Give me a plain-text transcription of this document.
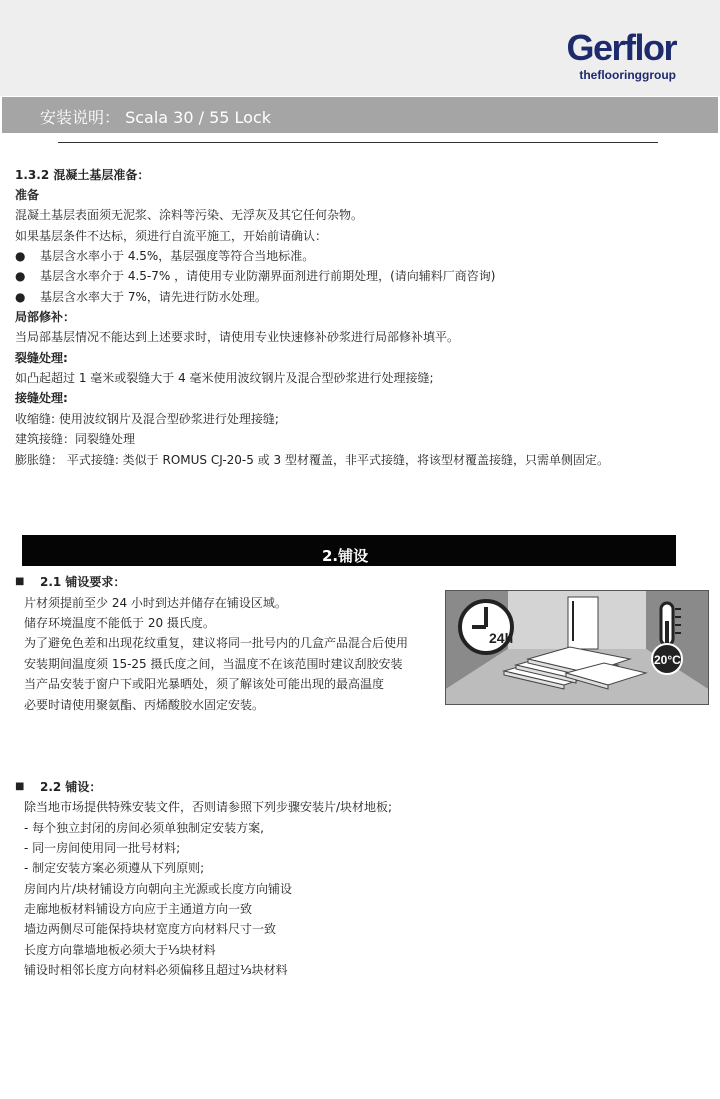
Gerflor
theflooringgroup
安装说明： Scala 30 / 55 Lock
1.3.2 混凝土基层准备：
准备
混凝土基层表面须无泥浆、涂料等污染、无浮灰及其它任何杂物。
如果基层条件不达标，须进行自流平施工，开始前请确认：
● 基层含水率小于 4.5%，基层强度等符合当地标准。
● 基层含水率介于 4.5-7% ，请使用专业防潮界面剂进行前期处理，(请向辅料厂商咨询)
● 基层含水率大于 7%，请先进行防水处理。
局部修补：
当局部基层情况不能达到上述要求时，请使用专业快速修补砂浆进行局部修补填平。
裂缝处理:
如凸起超过 1 毫米或裂缝大于 4 毫米使用波纹钢片及混合型砂浆进行处理接缝;
接缝处理:
收缩缝: 使用波纹钢片及混合型砂浆进行处理接缝;
建筑接缝：同裂缝处理
膨胀缝： 平式接缝: 类似于 ROMUS CJ-20-5 或 3 型材覆盖，非平式接缝，将该型材覆盖接缝，只需单侧固定。
2.铺设
■ 2.1 铺设要求：
片材须提前至少 24 小时到达并储存在铺设区域。
储存环境温度不能低于 20 摄氏度。
为了避免色差和出现花纹重复，建议将同一批号内的几盒产品混合后使用
安装期间温度须 15-25 摄氏度之间，当温度不在该范围时建议刮胶安装
当产品安装于窗户下或阳光暴晒处，须了解该处可能出现的最高温度
必要时请使用聚氨酯、丙烯酸胶水固定安装。
24h
20°C
■ 2.2 铺设：
除当地市场提供特殊安装文件，否则请参照下列步骤安装片/块材地板;
- 每个独立封闭的房间必须单独制定安装方案,
- 同一房间使用同一批号材料;
- 制定安装方案必须遵从下列原则;
房间内片/块材铺设方向朝向主光源或长度方向铺设
走廊地板材料铺设方向应于主通道方向一致
墙边两侧尽可能保持块材宽度方向材料尺寸一致
长度方向靠墙地板必须大于⅓块材料
铺设时相邻长度方向材料必须偏移且超过⅓块材料
